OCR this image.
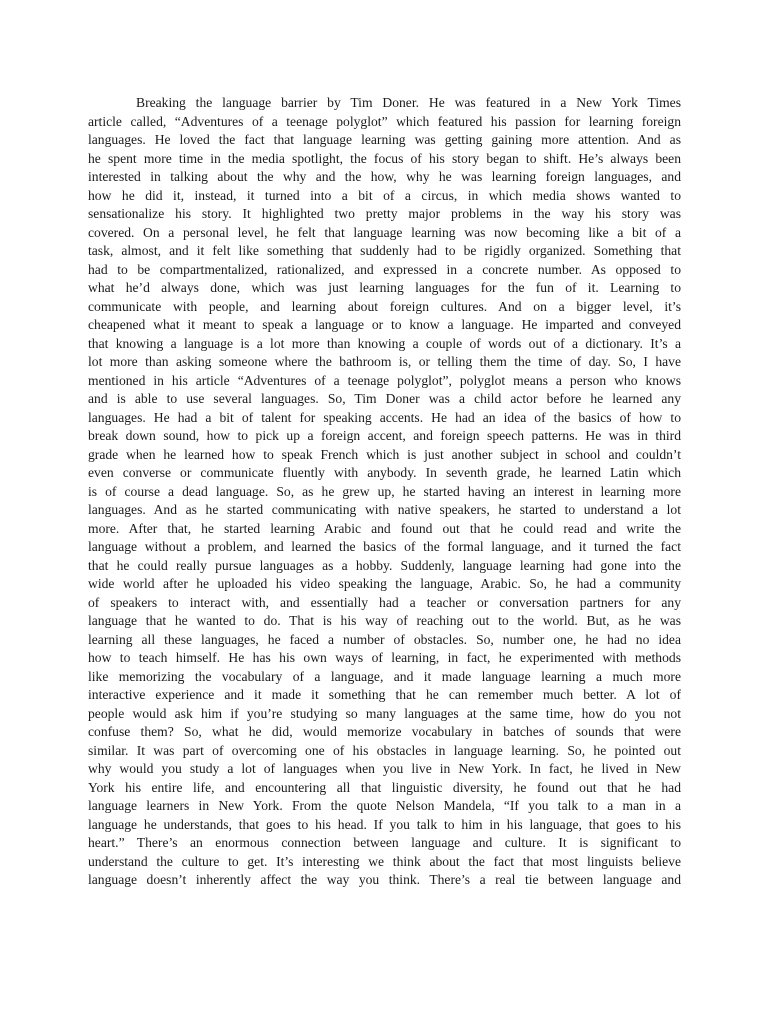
Breaking the language barrier by Tim Doner. He was featured in a New York Times
article called, “Adventures of a teenage polyglot” which featured his passion for learning foreign
languages. He loved the fact that language learning was getting gaining more attention. And as
he spent more time in the media spotlight, the focus of his story began to shift. He’s always been
interested in talking about the why and the how, why he was learning foreign languages, and
how he did it, instead, it turned into a bit of a circus, in which media shows wanted to
sensationalize his story. It highlighted two pretty major problems in the way his story was
covered. On a personal level, he felt that language learning was now becoming like a bit of a
task, almost, and it felt like something that suddenly had to be rigidly organized. Something that
had to be compartmentalized, rationalized, and expressed in a concrete number. As opposed to
what he’d always done, which was just learning languages for the fun of it. Learning to
communicate with people, and learning about foreign cultures. And on a bigger level, it’s
cheapened what it meant to speak a language or to know a language. He imparted and conveyed
that knowing a language is a lot more than knowing a couple of words out of a dictionary. It’s a
lot more than asking someone where the bathroom is, or telling them the time of day. So, I have
mentioned in his article “Adventures of a teenage polyglot”, polyglot means a person who knows
and is able to use several languages. So, Tim Doner was a child actor before he learned any
languages. He had a bit of talent for speaking accents. He had an idea of the basics of how to
break down sound, how to pick up a foreign accent, and foreign speech patterns. He was in third
grade when he learned how to speak French which is just another subject in school and couldn’t
even converse or communicate fluently with anybody. In seventh grade, he learned Latin which
is of course a dead language. So, as he grew up, he started having an interest in learning more
languages. And as he started communicating with native speakers, he started to understand a lot
more. After that, he started learning Arabic and found out that he could read and write the
language without a problem, and learned the basics of the formal language, and it turned the fact
that he could really pursue languages as a hobby. Suddenly, language learning had gone into the
wide world after he uploaded his video speaking the language, Arabic. So, he had a community
of speakers to interact with, and essentially had a teacher or conversation partners for any
language that he wanted to do. That is his way of reaching out to the world. But, as he was
learning all these languages, he faced a number of obstacles. So, number one, he had no idea
how to teach himself. He has his own ways of learning, in fact, he experimented with methods
like memorizing the vocabulary of a language, and it made language learning a much more
interactive experience and it made it something that he can remember much better. A lot of
people would ask him if you’re studying so many languages at the same time, how do you not
confuse them? So, what he did, would memorize vocabulary in batches of sounds that were
similar. It was part of overcoming one of his obstacles in language learning. So, he pointed out
why would you study a lot of languages when you live in New York. In fact, he lived in New
York his entire life, and encountering all that linguistic diversity, he found out that he had
language learners in New York. From the quote Nelson Mandela, “If you talk to a man in a
language he understands, that goes to his head. If you talk to him in his language, that goes to his
heart.” There’s an enormous connection between language and culture. It is significant to
understand the culture to get. It’s interesting we think about the fact that most linguists believe
language doesn’t inherently affect the way you think. There’s a real tie between language and
